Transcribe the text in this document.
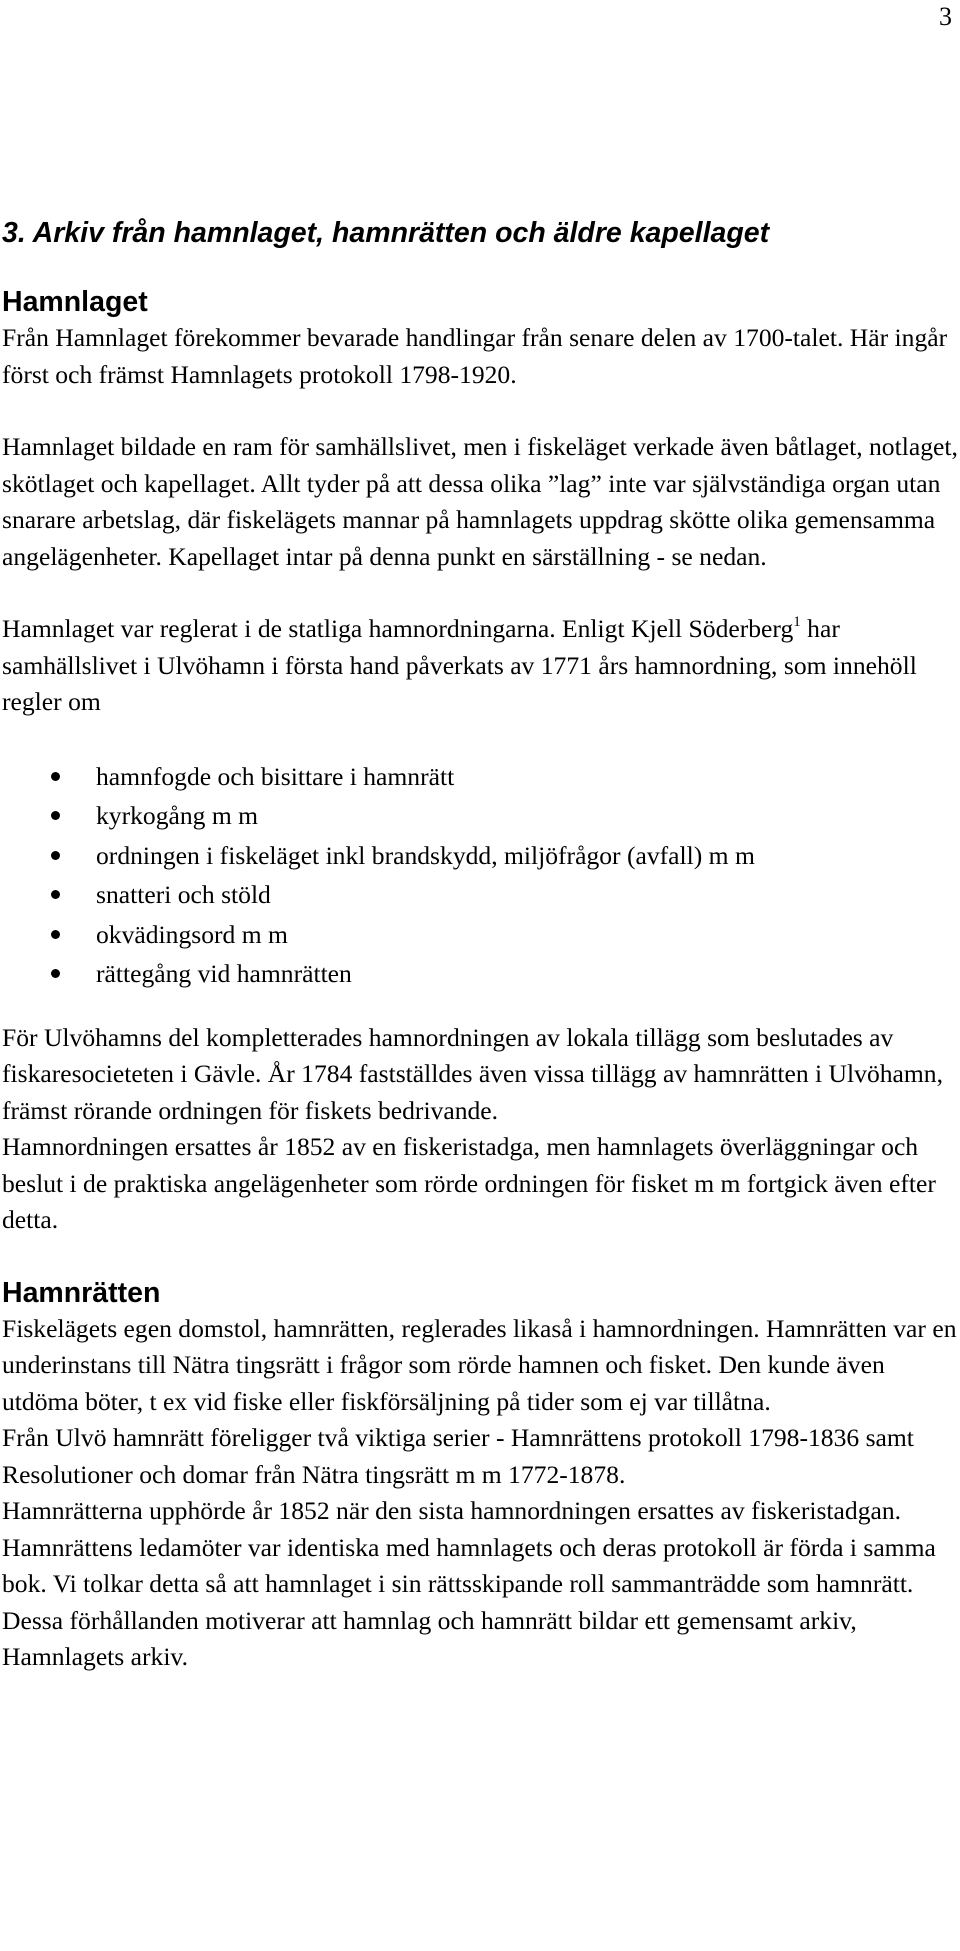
3
3. Arkiv från hamnlaget, hamnrätten och äldre kapellaget
Hamnlaget

Från Hamnlaget förekommer bevarade handlingar från senare delen av 1700-talet. Här ingår först och främst Hamnlagets protokoll 1798-1920.

Hamnlaget bildade en ram för samhällslivet, men i fiskeläget verkade även båtlaget, notlaget, skötlaget och kapellaget. Allt tyder på att dessa olika ”lag” inte var självständiga organ utan snarare arbetslag, där fiskelägets mannar på hamnlagets uppdrag skötte olika gemensamma angelägenheter. Kapellaget intar på denna punkt en särställning - se nedan.

Hamnlaget var reglerat i de statliga hamnordningarna. Enligt Kjell Söderberg$^1$ har samhällslivet i Ulvöhamn i första hand påverkats av 1771 års hamnordning, som innehöll regler om

hamnfogde och bisittare i hamnrätt
kyrkogång m m
ordningen i fiskeläget inkl brandskydd, miljöfrågor (avfall) m m
snatteri och stöld
okvädingsord m m
rättegång vid hamnrätten

För Ulvöhamns del kompletterades hamnordningen av lokala tillägg som beslutades av fiskaresocieteten i Gävle. År 1784 fastställdes även vissa tillägg av hamnrätten i Ulvöhamn, främst rörande ordningen för fiskets bedrivande.

Hamnordningen ersattes år 1852 av en fiskeristadga, men hamnlagets överläggningar och beslut i de praktiska angelägenheter som rörde ordningen för fisket m m fortgick även efter detta.

Hamnrätten

Fiskelägets egen domstol, hamnrätten, reglerades likaså i hamnordningen. Hamnrätten var en underinstans till Nätra tingsrätt i frågor som rörde hamnen och fisket. Den kunde även utdöma böter, t ex vid fiske eller fiskförsäljning på tider som ej var tillåtna.

Från Ulvö hamnrätt föreligger två viktiga serier - Hamnrättens protokoll 1798-1836 samt Resolutioner och domar från Nätra tingsrätt m m 1772-1878.

Hamnrätterna upphörde år 1852 när den sista hamnordningen ersattes av fiskeristadgan.

Hamnrättens ledamöter var identiska med hamnlagets och deras protokoll är förda i samma bok. Vi tolkar detta så att hamnlaget i sin rättsskipande roll sammanträdde som hamnrätt. Dessa förhållanden motiverar att hamnlag och hamnrätt bildar ett gemensamt arkiv, Hamnlagets arkiv.
